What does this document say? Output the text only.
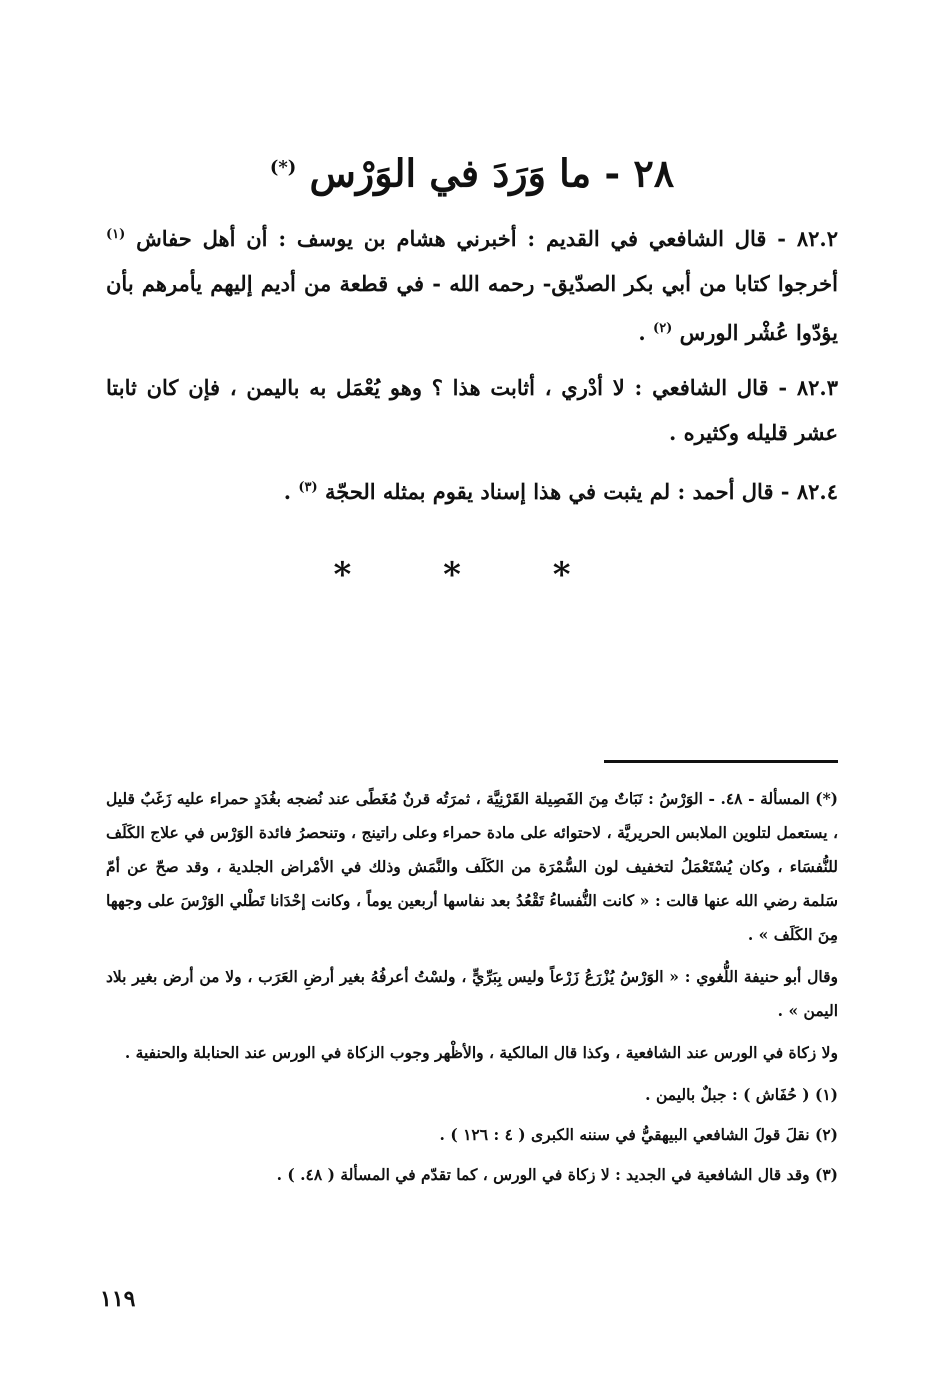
٢٨ - ما وَرَدَ في الوَرْس (*)

٨٢.٢ - قال الشافعي في القديم : أخبرني هشام بن يوسف : أن أهل حفاش $^{(١)}$ أخرجوا كتابا من أبي بكر الصدّيق- رحمه الله - في قطعة من أديم إليهم يأمرهم بأن يؤدّوا عُشْر الورس $^{(٢)}$ .

٨٢.٣ - قال الشافعي : لا أدْري ، أثابت هذا ؟ وهو يُعْمَل به باليمن ، فإن كان ثابتا عشر قليله وكثيره .

٨٢.٤ - قال أحمد : لم يثبت في هذا إسناد يقوم بمثله الحجّة $^{(٣)}$ .

* * *

(*) المسألة - ٤٨. - الوَرْسُ : نَبَاتٌ مِنَ الفَصِيلة القَرْنِيَّة ، ثمرَتُه قرنٌ مُغَطًى عند نُضجه بغُدَدٍ حمراء عليه زَغَبٌ قليل ، يستعمل لتلوين الملابس الحريريَّة ، لاحتوائه على مادة حمراء وعلى راتينج ، وتنحصرُ فائدة الوَرْس في علاج الكَلَف للنُّفسَاء ، وكان يُسْتَعْمَلُ لتخفيف لون السُّمْرَة من الكَلَف والنَّمَش وذلك في الأمْراض الجلدية ، وقد صحّ عن أمّ سَلمة رضي الله عنها قالت : « كانت النُّفساءُ تَقْعُدُ بعد نفاسها أربعين يوماً ، وكانت إحْدَانا تَطْلي الوَرْسَ على وجهها مِنَ الكَلَف » .

وقال أبو حنيفة اللُّغوي : « الوَرْسُ يُزْرَعُ زَرْعاً وليس بِبَرِّيٍّ ، ولسْتُ أعرفُهُ بغير أرضِ العَرَب ، ولا من أرض بغير بلاد اليمن » .

ولا زكاة في الورس عند الشافعية ، وكذا قال المالكية ، والأظْهر وجوب الزكاة في الورس عند الحنابلة والحنفية .

(١) ( حُفَاش ) : جبلٌ باليمن .

(٢) نقلَ قولَ الشافعي البيهقيُّ في سننه الكبرى ( ٤ : ١٢٦ ) .

(٣) وقد قال الشافعية في الجديد : لا زكاة في الورس ، كما تقدّم في المسألة ( ٤٨. ) .

١١٩
